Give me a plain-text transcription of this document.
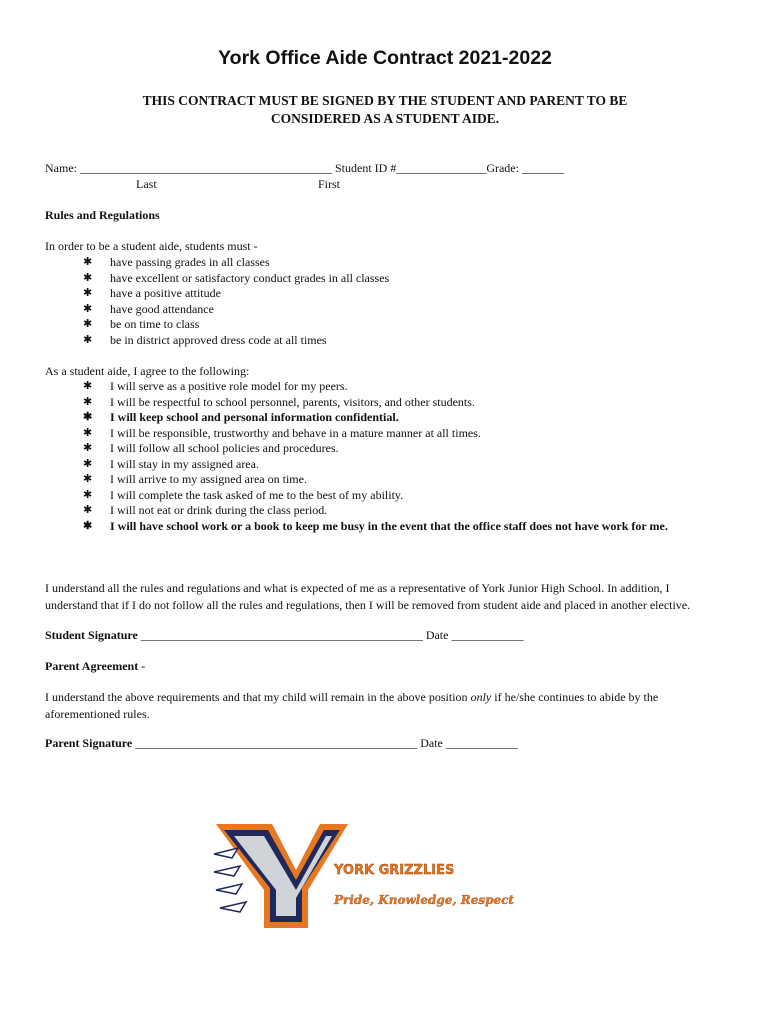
York Office Aide Contract 2021-2022
THIS CONTRACT MUST BE SIGNED BY THE STUDENT AND PARENT TO BE
CONSIDERED AS A STUDENT AIDE.
Name: __________________________________________ Student ID #_______________Grade: _______
Last	First
Rules and Regulations
In order to be a student aide, students must -
✱ have passing grades in all classes
✱ have excellent or satisfactory conduct grades in all classes
✱ have a positive attitude
✱ have good attendance
✱ be on time to class
✱ be in district approved dress code at all times
As a student aide, I agree to the following:
✱ I will serve as a positive role model for my peers.
✱ I will be respectful to school personnel, parents, visitors, and other students.
✱ I will keep school and personal information confidential.
✱ I will be responsible, trustworthy and behave in a mature manner at all times.
✱ I will follow all school policies and procedures.
✱ I will stay in my assigned area.
✱ I will arrive to my assigned area on time.
✱ I will complete the task asked of me to the best of my ability.
✱ I will not eat or drink during the class period.
✱ I will have school work or a book to keep me busy in the event that the office staff does not have work for me.
I understand all the rules and regulations and what is expected of me as a representative of York Junior High School. In addition, I understand that if I do not follow all the rules and regulations, then I will be removed from student aide and placed in another elective.
Student Signature _______________________________________________ Date ____________
Parent Agreement -
I understand the above requirements and that my child will remain in the above position only if he/she continues to abide by the aforementioned rules.
Parent Signature _______________________________________________ Date ____________
YORK GRIZZLIES
Pride, Knowledge, Respect
